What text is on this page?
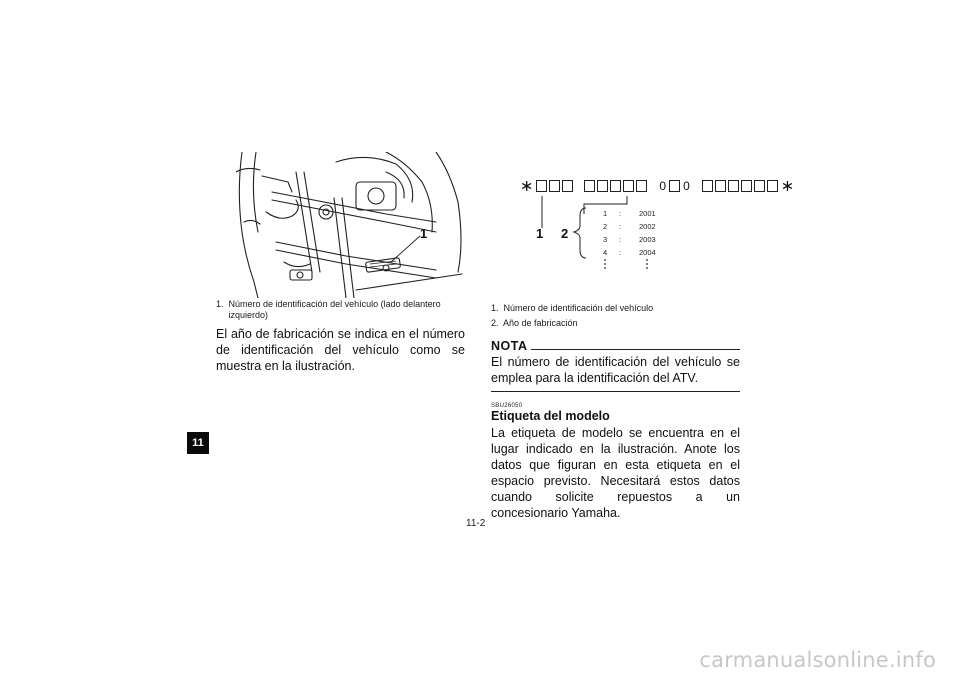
11
1
1. Número de identificación del vehículo (lado delantero
izquierdo)
El año de fabricación se indica en el número de identificación del vehículo como se muestra en la ilustración.
∗	0 0	∗
1 2
1	:	2001
2	:	2002
3	:	2003
4	:	2004
1. Número de identificación del vehículo
2. Año de fabricación
NOTA
El número de identificación del vehículo se emplea para la identificación del ATV.
SBU26050
Etiqueta del modelo
La etiqueta de modelo se encuentra en el lugar indicado en la ilustración. Anote los datos que figuran en esta etiqueta en el espacio previsto. Necesitará estos datos cuando solicite repuestos a un concesionario Yamaha.
11-2
carmanualsonline.info
